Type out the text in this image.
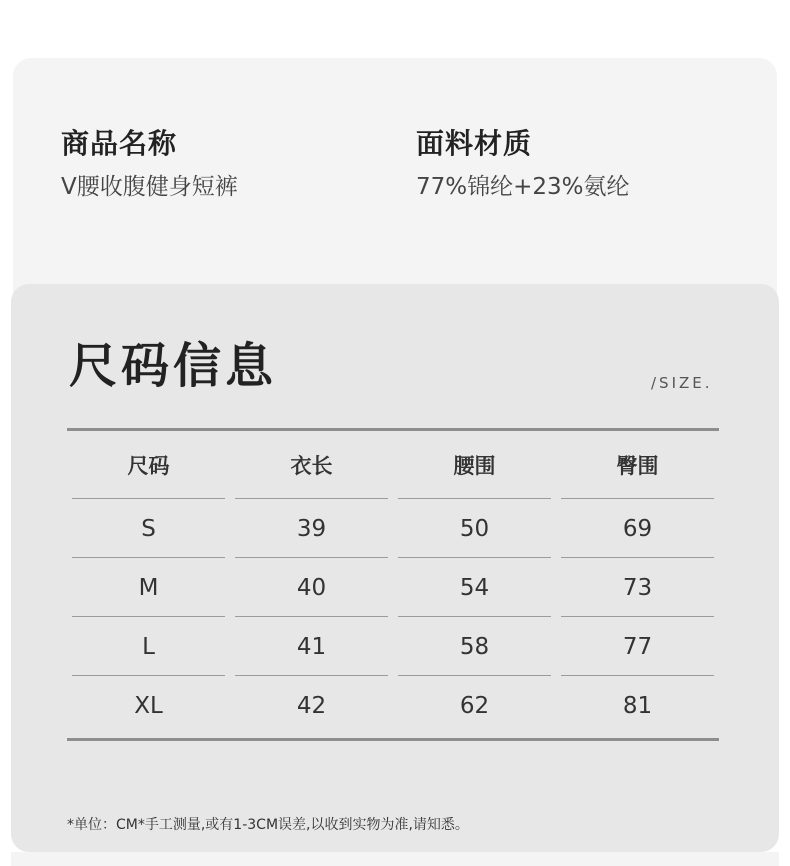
商品名称
V腰收腹健身短裤
面料材质
77%锦纶+23%氨纶
尺码信息	/SIZE.
尺码	衣长	腰围	臀围
S	39	50	69
M	40	54	73
L	41	58	77
XL	42	62	81
*单位：CM*手工测量,或有1-3CM误差,以收到实物为准,请知悉。
